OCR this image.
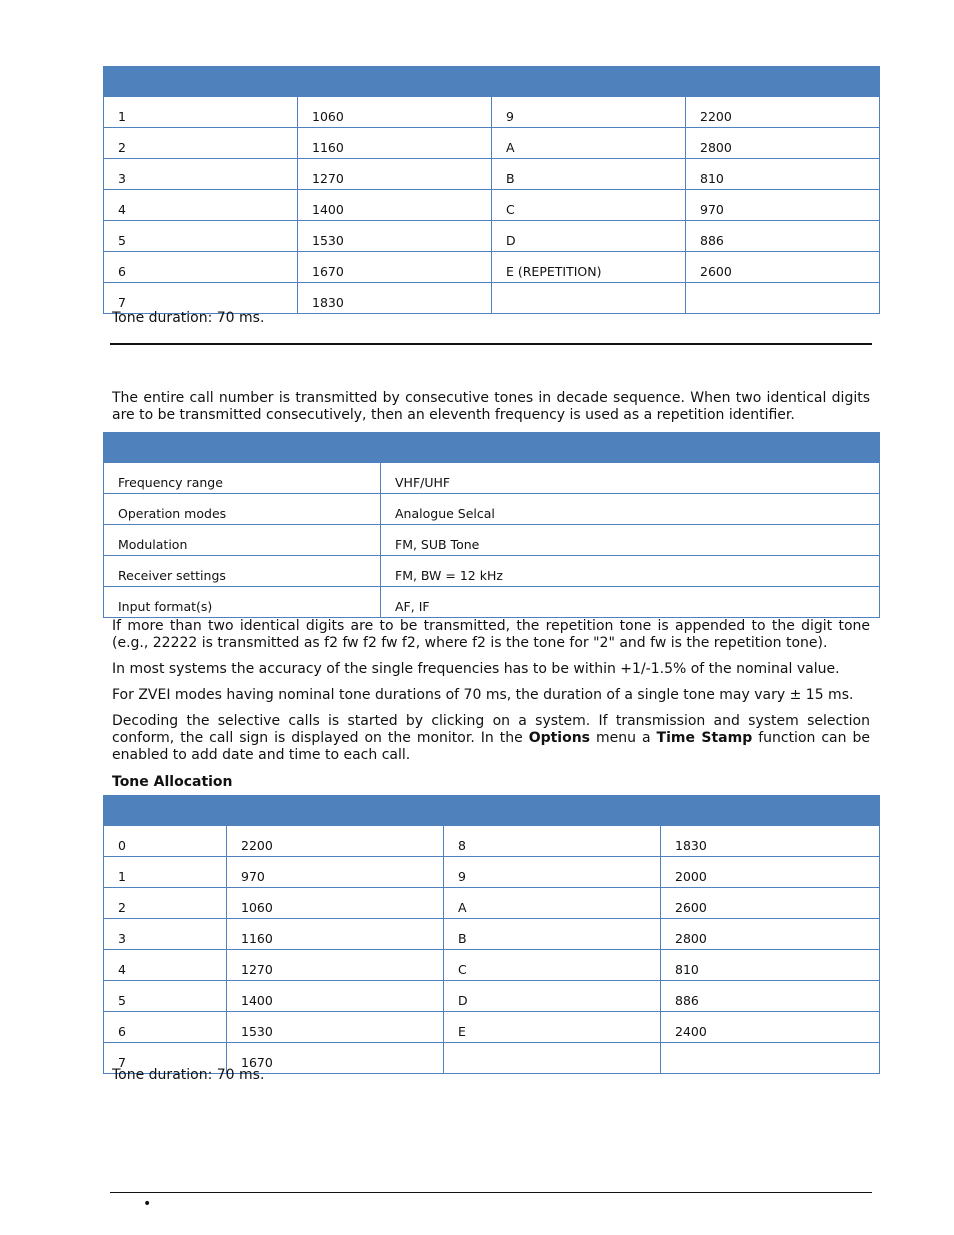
1	1060	9	2200
2	1160	A	2800
3	1270	B	810
4	1400	C	970
5	1530	D	886
6	1670	E (REPETITION)	2600
7	1830		

Tone duration: 70 ms.

The entire call number is transmitted by consecutive tones in decade sequence. When two identical digits are to be transmitted consecutively, then an eleventh frequency is used as a repetition identifier.

Frequency range	VHF/UHF
Operation modes	Analogue Selcal
Modulation	FM, SUB Tone
Receiver settings	FM, BW = 12 kHz
Input format(s)	AF, IF

If more than two identical digits are to be transmitted, the repetition tone is appended to the digit tone (e.g., 22222 is transmitted as f2 fw f2 fw f2, where f2 is the tone for "2" and fw is the repetition tone).

In most systems the accuracy of the single frequencies has to be within +1/-1.5% of the nominal value.

For ZVEI modes having nominal tone durations of 70 ms, the duration of a single tone may vary ± 15 ms.

Decoding the selective calls is started by clicking on a system. If transmission and system selection conform, the call sign is displayed on the monitor. In the Options menu a Time Stamp function can be enabled to add date and time to each call.

Tone Allocation

0	2200	8	1830
1	970	9	2000
2	1060	A	2600
3	1160	B	2800
4	1270	C	810
5	1400	D	886
6	1530	E	2400
7	1670		

Tone duration: 70 ms.

•
